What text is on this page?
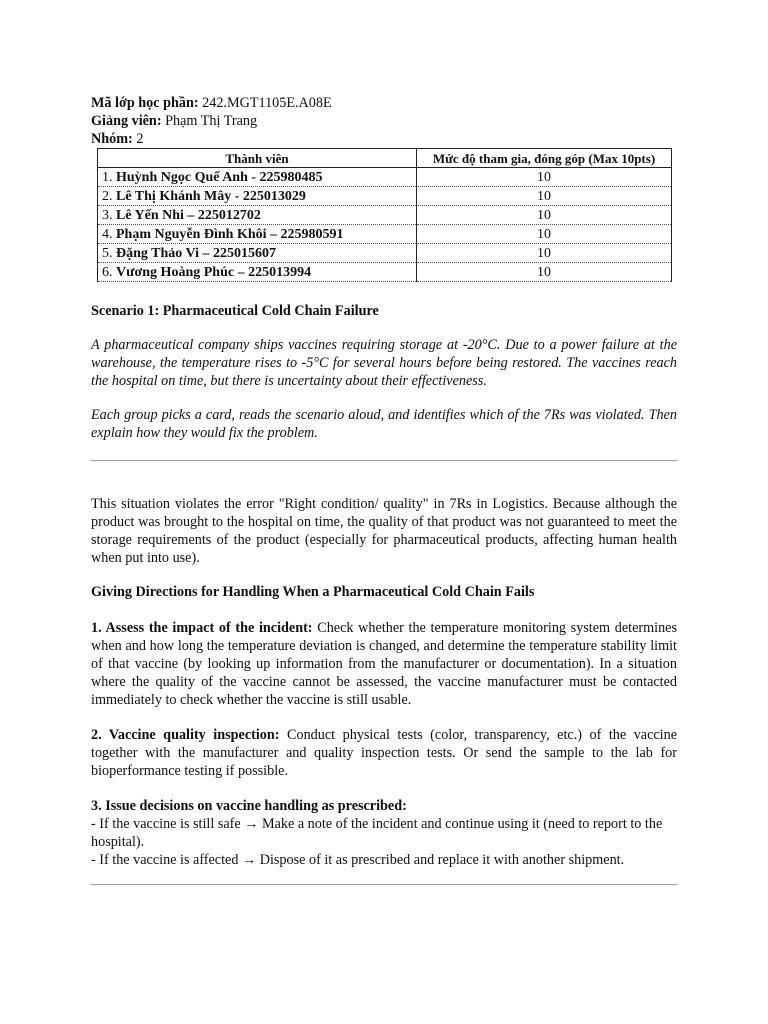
Mã lớp học phần: 242.MGT1105E.A08E

Giảng viên: Phạm Thị Trang

Nhóm: 2

Thành viên	Mức độ tham gia, đóng góp (Max 10pts)
1. Huỳnh Ngọc Quế Anh - 225980485	10
2. Lê Thị Khánh Mây - 225013029	10
3. Lê Yến Nhi – 225012702	10
4. Phạm Nguyễn Đình Khôi – 225980591	10
5. Đặng Thảo Vi – 225015607	10
6. Vương Hoàng Phúc – 225013994	10

Scenario 1: Pharmaceutical Cold Chain Failure

A pharmaceutical company ships vaccines requiring storage at -20°C. Due to a power failure at the warehouse, the temperature rises to -5°C for several hours before being restored. The vaccines reach the hospital on time, but there is uncertainty about their effectiveness.

Each group picks a card, reads the scenario aloud, and identifies which of the 7Rs was violated. Then explain how they would fix the problem.

This situation violates the error "Right condition/ quality" in 7Rs in Logistics. Because although the product was brought to the hospital on time, the quality of that product was not guaranteed to meet the storage requirements of the product (especially for pharmaceutical products, affecting human health when put into use).

Giving Directions for Handling When a Pharmaceutical Cold Chain Fails

1. Assess the impact of the incident: Check whether the temperature monitoring system determines when and how long the temperature deviation is changed, and determine the temperature stability limit of that vaccine (by looking up information from the manufacturer or documentation). In a situation where the quality of the vaccine cannot be assessed, the vaccine manufacturer must be contacted immediately to check whether the vaccine is still usable.

2. Vaccine quality inspection: Conduct physical tests (color, transparency, etc.) of the vaccine together with the manufacturer and quality inspection tests. Or send the sample to the lab for bioperformance testing if possible.

3. Issue decisions on vaccine handling as prescribed:

- If the vaccine is still safe → Make a note of the incident and continue using it (need to report to the hospital).

- If the vaccine is affected → Dispose of it as prescribed and replace it with another shipment.
